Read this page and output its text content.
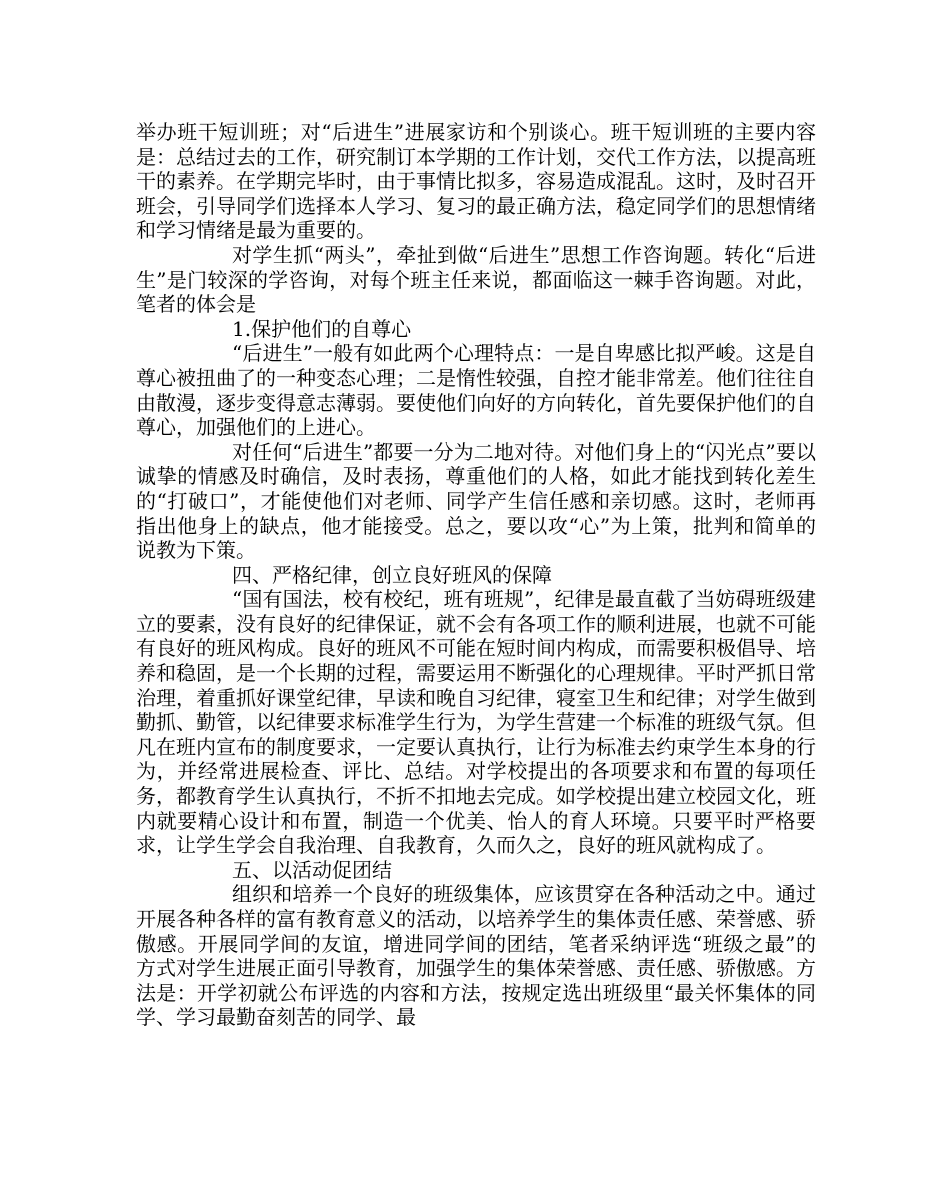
举办班干短训班；对“后进生”进展家访和个别谈心。班干短训班的主要内容是：总结过去的工作，研究制订本学期的工作计划，交代工作方法，以提高班干的素养。在学期完毕时，由于事情比拟多，容易造成混乱。这时，及时召开班会，引导同学们选择本人学习、复习的最正确方法，稳定同学们的思想情绪和学习情绪是最为重要的。

对学生抓“两头”，牵扯到做“后进生”思想工作咨询题。转化“后进生”是门较深的学咨询，对每个班主任来说，都面临这一棘手咨询题。对此，笔者的体会是

1.保护他们的自尊心

“后进生”一般有如此两个心理特点：一是自卑感比拟严峻。这是自尊心被扭曲了的一种变态心理；二是惰性较强，自控才能非常差。他们往往自由散漫，逐步变得意志薄弱。要使他们向好的方向转化，首先要保护他们的自尊心，加强他们的上进心。

对任何“后进生”都要一分为二地对待。对他们身上的“闪光点”要以诚挚的情感及时确信，及时表扬，尊重他们的人格，如此才能找到转化差生的“打破口”，才能使他们对老师、同学产生信任感和亲切感。这时，老师再指出他身上的缺点，他才能接受。总之，要以攻“心”为上策，批判和简单的说教为下策。

四、严格纪律，创立良好班风的保障

“国有国法，校有校纪，班有班规”，纪律是最直截了当妨碍班级建立的要素，没有良好的纪律保证，就不会有各项工作的顺利进展，也就不可能有良好的班风构成。良好的班风不可能在短时间内构成，而需要积极倡导、培养和稳固，是一个长期的过程，需要运用不断强化的心理规律。平时严抓日常治理，着重抓好课堂纪律，早读和晚自习纪律，寝室卫生和纪律；对学生做到勤抓、勤管，以纪律要求标准学生行为，为学生营建一个标准的班级气氛。但凡在班内宣布的制度要求，一定要认真执行，让行为标准去约束学生本身的行为，并经常进展检查、评比、总结。对学校提出的各项要求和布置的每项任务，都教育学生认真执行，不折不扣地去完成。如学校提出建立校园文化，班内就要精心设计和布置，制造一个优美、怡人的育人环境。只要平时严格要求，让学生学会自我治理、自我教育，久而久之，良好的班风就构成了。

五、以活动促团结

组织和培养一个良好的班级集体，应该贯穿在各种活动之中。通过开展各种各样的富有教育意义的活动，以培养学生的集体责任感、荣誉感、骄傲感。开展同学间的友谊，增进同学间的团结，笔者采纳评选“班级之最”的方式对学生进展正面引导教育，加强学生的集体荣誉感、责任感、骄傲感。方法是：开学初就公布评选的内容和方法，按规定选出班级里“最关怀集体的同学、学习最勤奋刻苦的同学、最
